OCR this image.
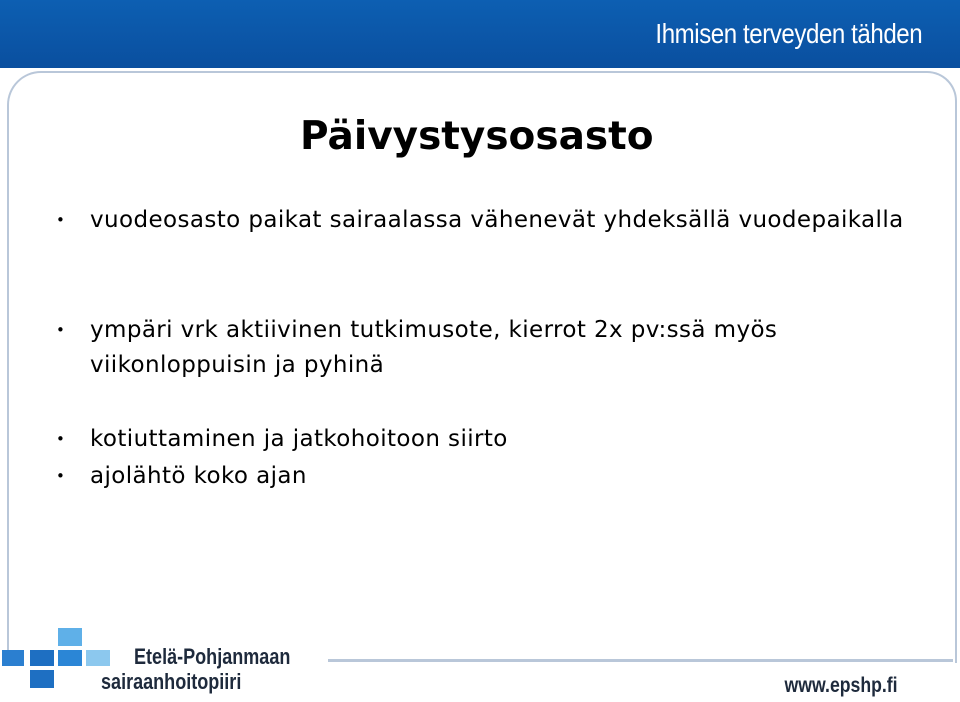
Ihmisen terveyden tähden
Päivystysosasto
•	vuodeosasto paikat sairaalassa vähenevät yhdeksällä vuodepaikalla
•	ympäri vrk aktiivinen tutkimusote, kierrot 2x pv:ssä myös viikonloppuisin ja pyhinä
•	kotiuttaminen ja jatkohoitoon siirto
•	ajolähtö koko ajan
Etelä-Pohjanmaan
sairaanhoitopiiri	www.epshp.fi
